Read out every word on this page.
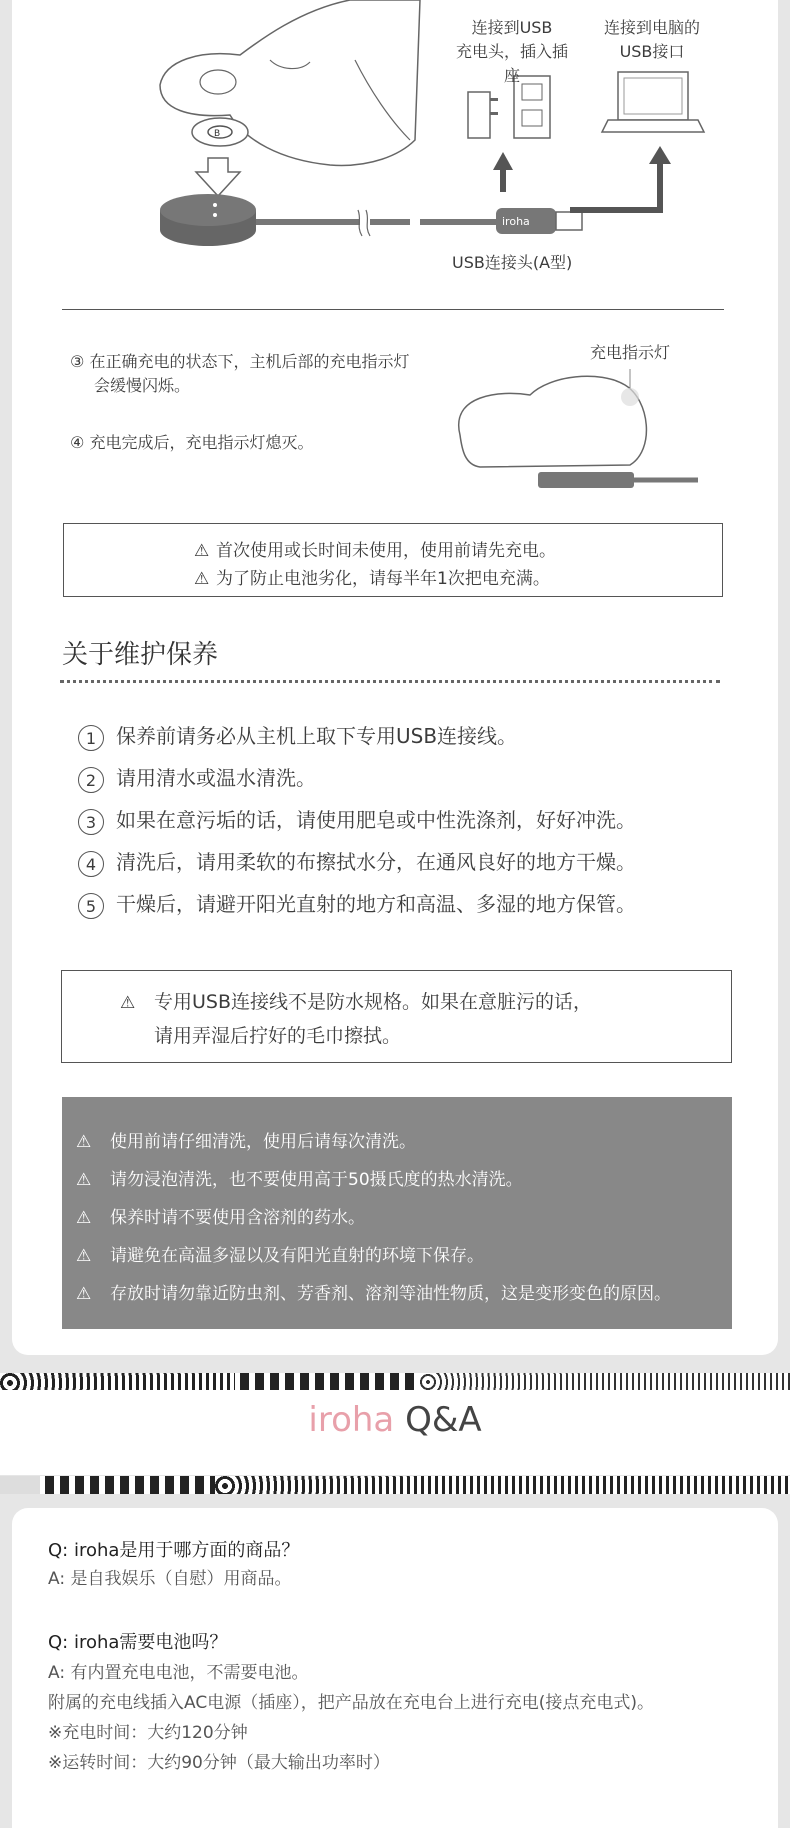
B
iroha
连接到USB
充电头，插入插座
连接到电脑的
USB接口
USB连接头(A型)
③ 在正确充电的状态下，主机后部的充电指示灯
会缓慢闪烁。
④ 充电完成后，充电指示灯熄灭。
充电指示灯
⚠ 首次使用或长时间未使用，使用前请先充电。
⚠ 为了防止电池劣化，请每半年1次把电充满。
关于维护保养
1 保养前请务必从主机上取下专用USB连接线。
2 请用清水或温水清洗。
3 如果在意污垢的话，请使用肥皂或中性洗涤剂，好好冲洗。
4 清洗后，请用柔软的布擦拭水分，在通风良好的地方干燥。
5 干燥后，请避开阳光直射的地方和高温、多湿的地方保管。
⚠ 专用USB连接线不是防水规格。如果在意脏污的话，
请用弄湿后拧好的毛巾擦拭。
⚠ 使用前请仔细清洗，使用后请每次清洗。
⚠ 请勿浸泡清洗，也不要使用高于50摄氏度的热水清洗。
⚠ 保养时请不要使用含溶剂的药水。
⚠ 请避免在高温多湿以及有阳光直射的环境下保存。
⚠ 存放时请勿靠近防虫剂、芳香剂、溶剂等油性物质，这是变形变色的原因。
iroha Q&A
Q: iroha是用于哪方面的商品？
A: 是自我娱乐（自慰）用商品。
Q: iroha需要电池吗？
A: 有内置充电电池，不需要电池。
附属的充电线插入AC电源（插座），把产品放在充电台上进行充电(接点充电式)。
※充电时间：大约120分钟
※运转时间：大约90分钟（最大输出功率时）
